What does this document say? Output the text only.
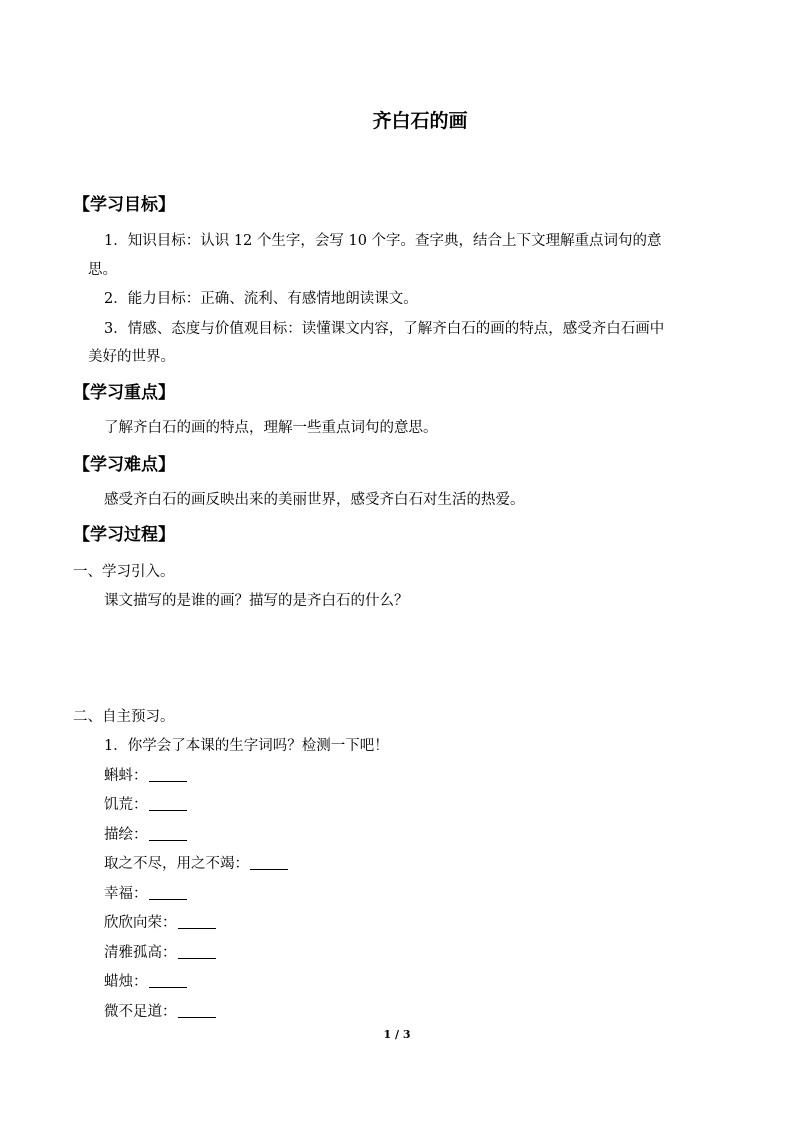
齐白石的画
【学习目标】
1．知识目标：认识 12 个生字，会写 10 个字。查字典，结合上下文理解重点词句的意
思。
2．能力目标：正确、流利、有感情地朗读课文。
3．情感、态度与价值观目标：读懂课文内容，了解齐白石的画的特点，感受齐白石画中
美好的世界。
【学习重点】
了解齐白石的画的特点，理解一些重点词句的意思。
【学习难点】
感受齐白石的画反映出来的美丽世界，感受齐白石对生活的热爱。
【学习过程】
一、学习引入。
课文描写的是谁的画？描写的是齐白石的什么？
二、自主预习。
1．你学会了本课的生字词吗？检测一下吧！
蝌蚪：
饥荒：
描绘：
取之不尽，用之不竭：
幸福：
欣欣向荣：
清雅孤高：
蜡烛：
微不足道：
1 / 3
